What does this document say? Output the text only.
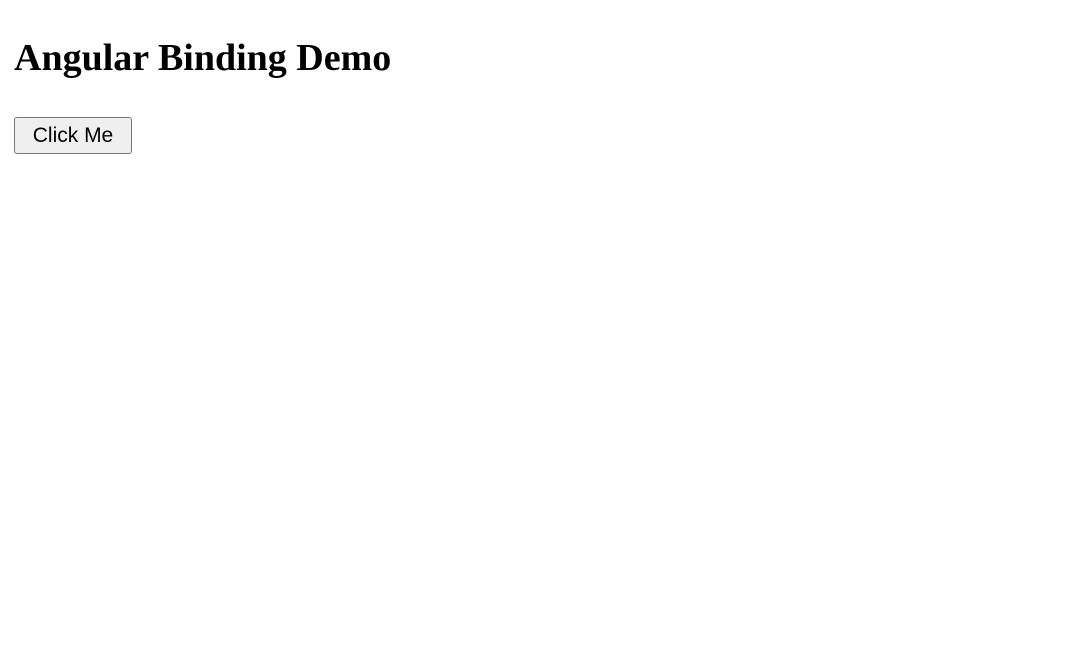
Angular Binding Demo
Click Me
